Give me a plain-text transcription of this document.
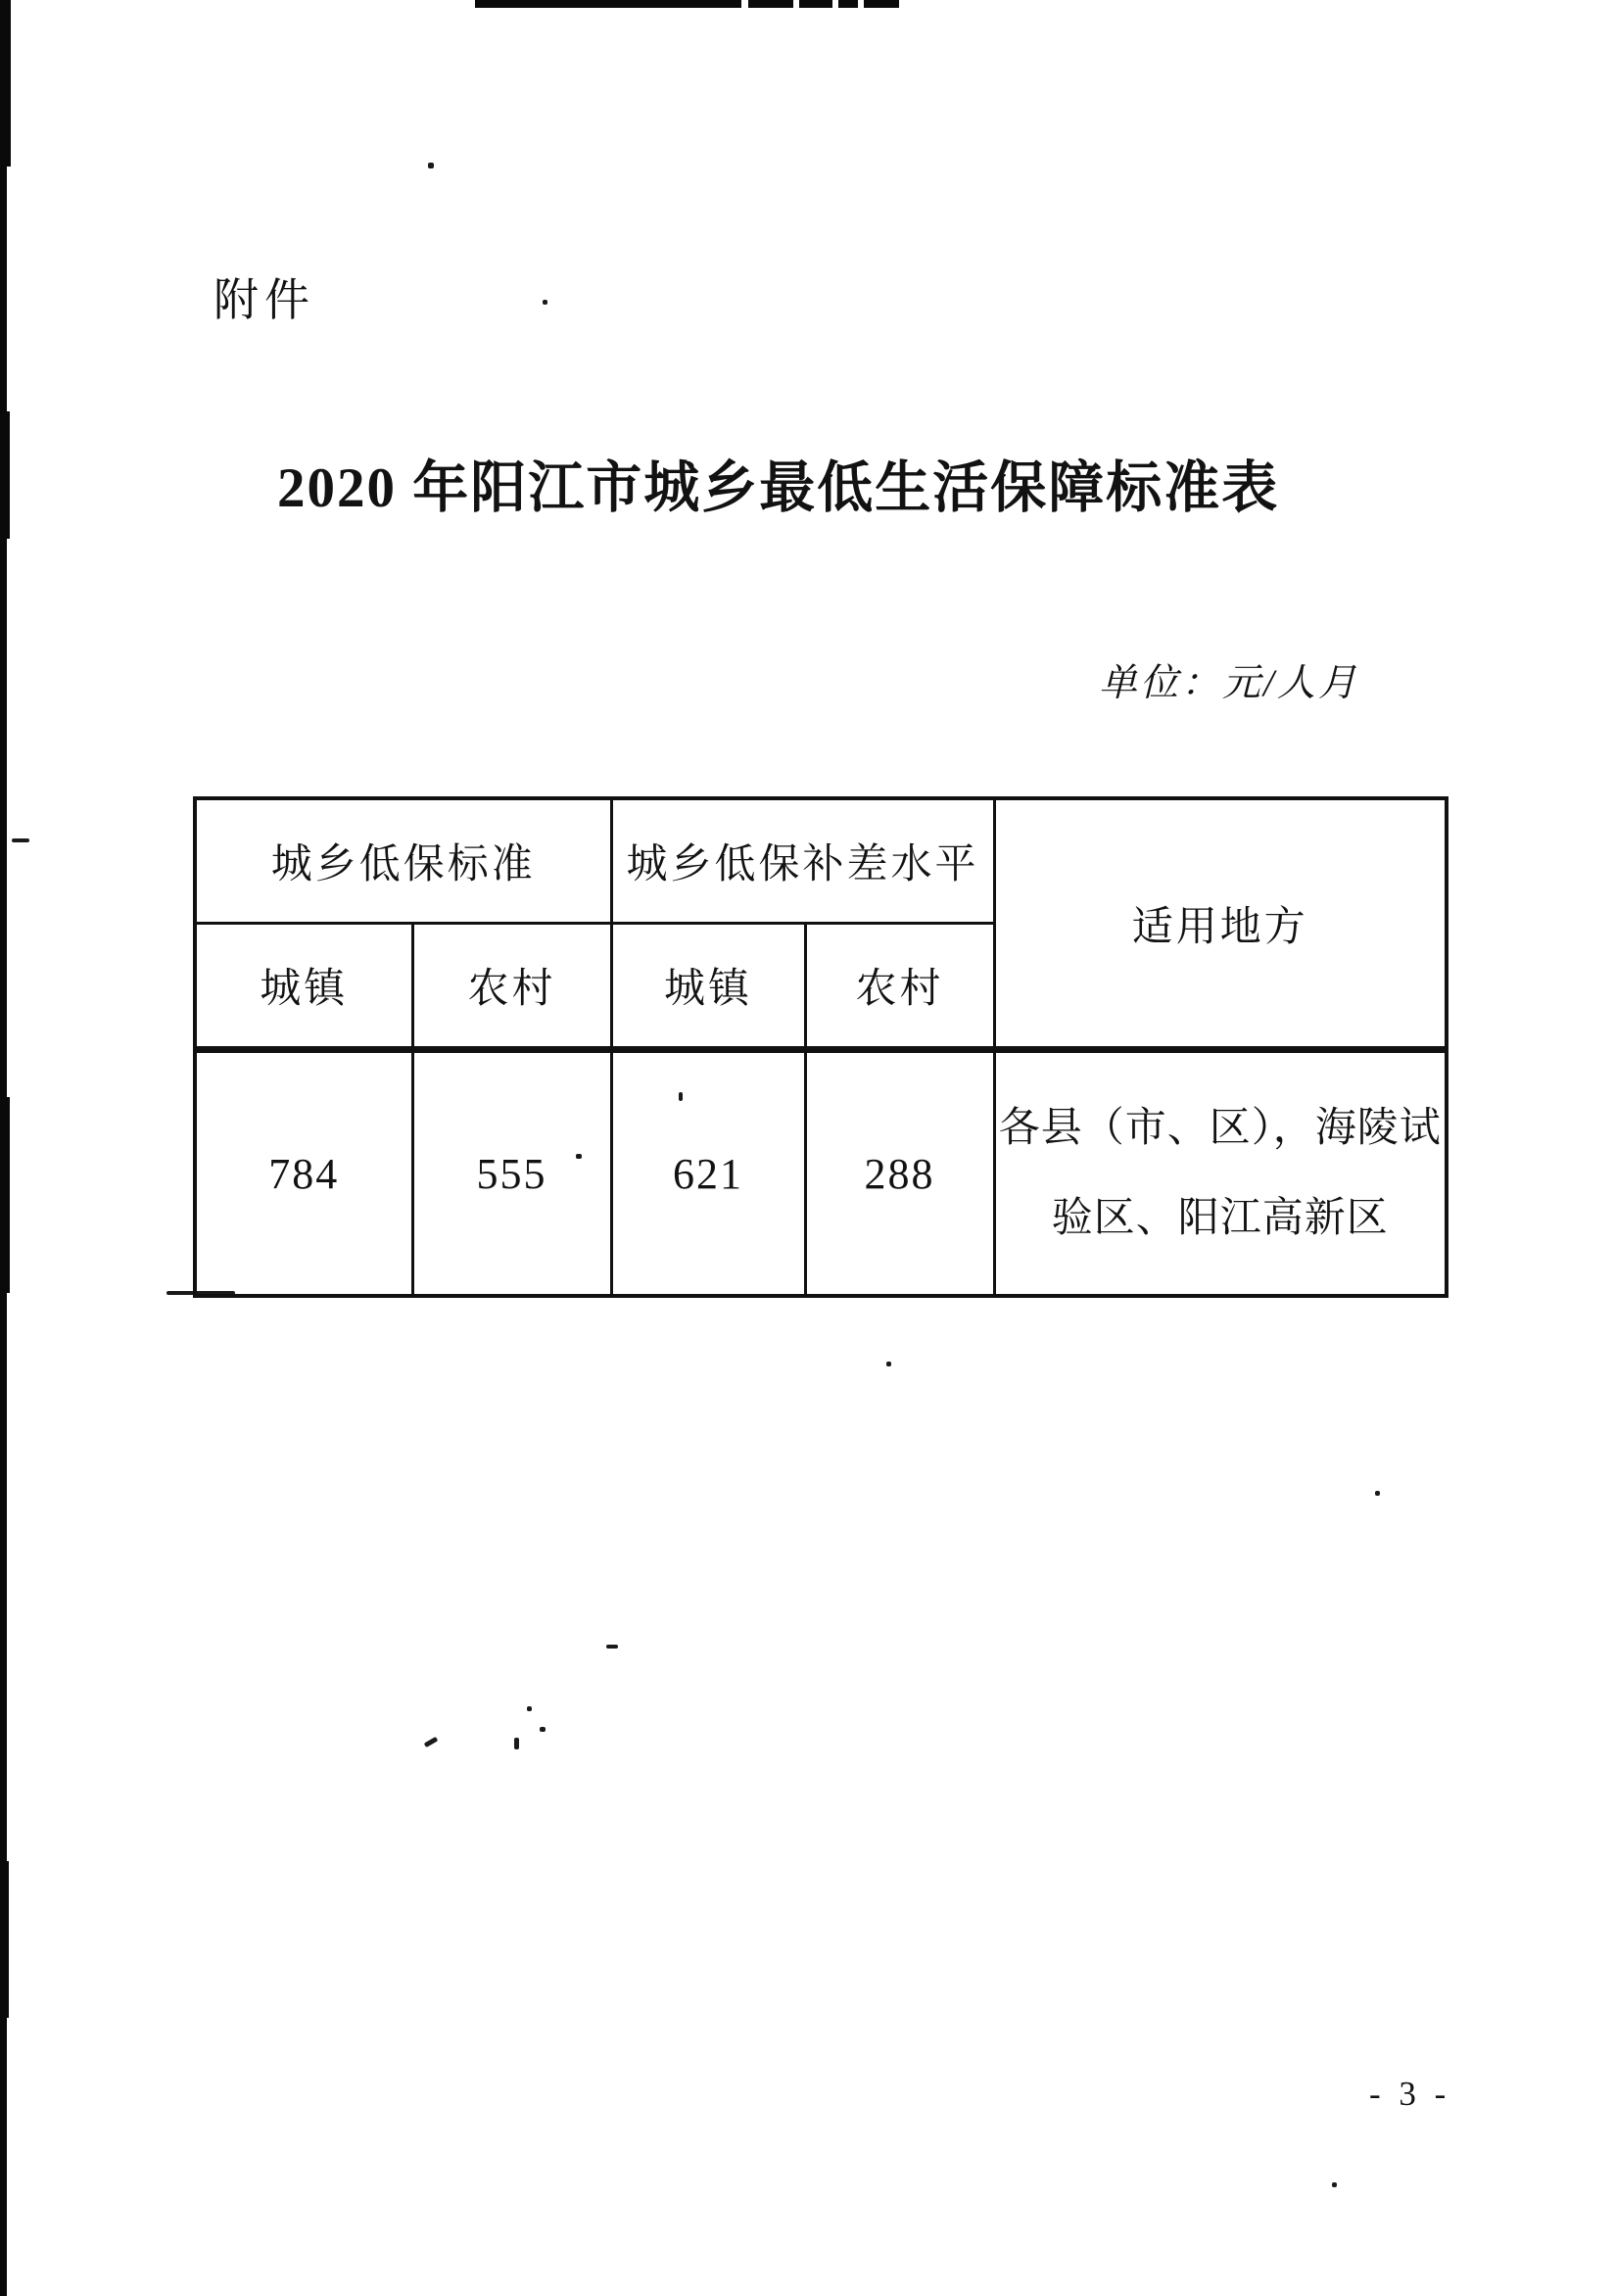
附件
2020 年阳江市城乡最低生活保障标准表
单位：元/人月
城乡低保标准		城乡低保补差水平		适用地方
城镇	农村	城镇	农村	
784	555	621	288	各县（市、区），海陵试验区、阳江高新区
- 3 -
